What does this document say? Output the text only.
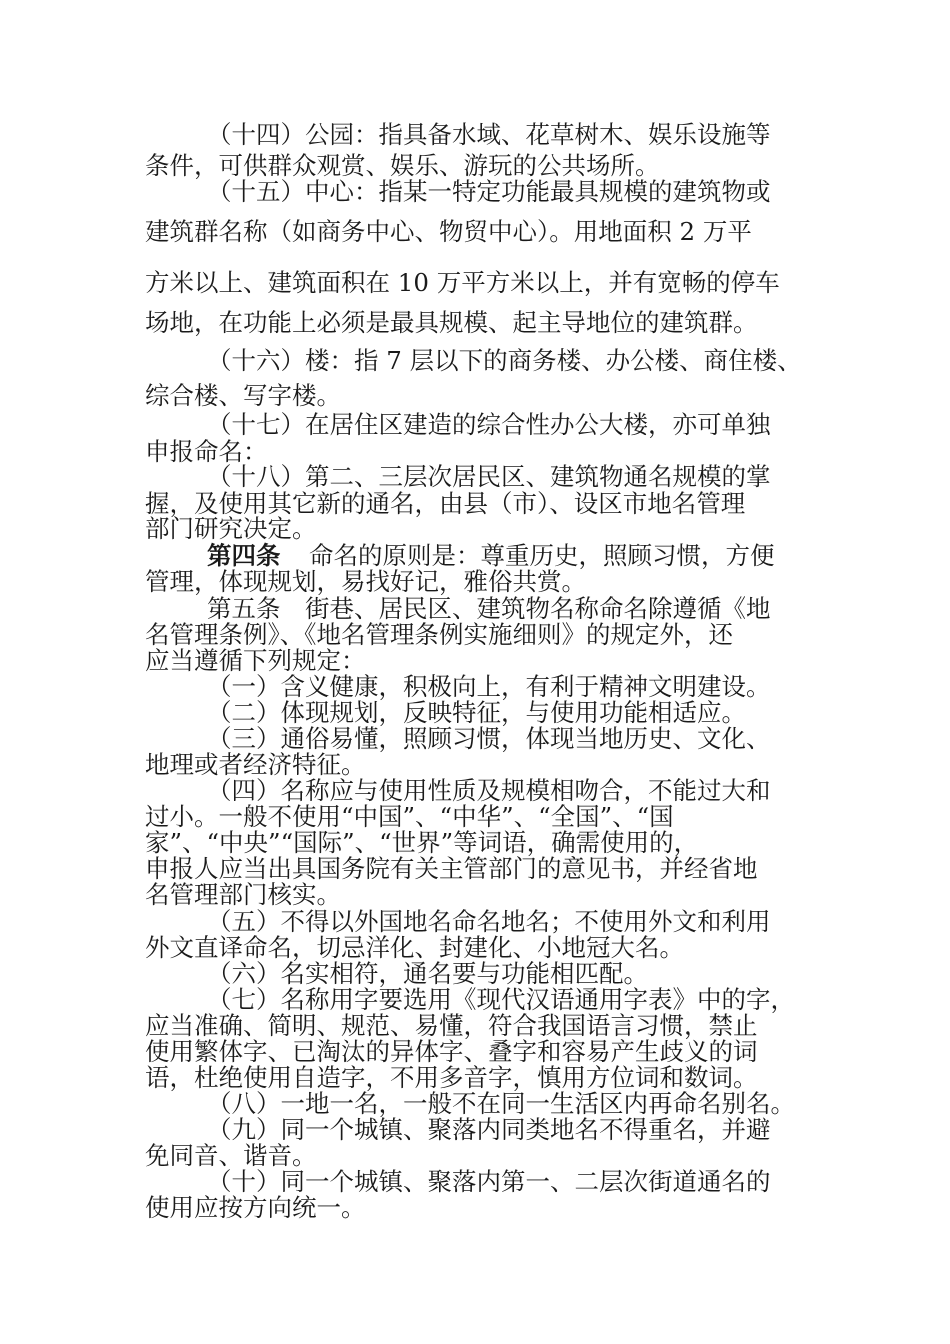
（十四）公园：指具备水域、花草树木、娱乐设施等
条件，可供群众观赏、娱乐、游玩的公共场所。
（十五）中心：指某一特定功能最具规模的建筑物或
建筑群名称（如商务中心、物贸中心）。用地面积 2 万平
方米以上、建筑面积在 10 万平方米以上，并有宽畅的停车
场地，在功能上必须是最具规模、起主导地位的建筑群。
（十六）楼：指 7 层以下的商务楼、办公楼、商住楼、
综合楼、写字楼。
（十七）在居住区建造的综合性办公大楼，亦可单独
申报命名：
（十八）第二、三层次居民区、建筑物通名规模的掌
握，及使用其它新的通名，由县（市）、设区市地名管理
部门研究决定。
第四条 命名的原则是：尊重历史，照顾习惯，方便
管理，体现规划，易找好记，雅俗共赏。
第五条　街巷、居民区、建筑物名称命名除遵循《地
名管理条例》、《地名管理条例实施细则》的规定外，还
应当遵循下列规定：
（一）含义健康，积极向上，有利于精神文明建设。
（二）体现规划，反映特征，与使用功能相适应。
（三）通俗易懂，照顾习惯，体现当地历史、文化、
地理或者经济特征。
（四）名称应与使用性质及规模相吻合，不能过大和
过小。一般不使用“中国”、“中华”、“全国”、“国
家”、“中央”“国际”、“世界”等词语，确需使用的，
申报人应当出具国务院有关主管部门的意见书，并经省地
名管理部门核实。
（五）不得以外国地名命名地名；不使用外文和利用
外文直译命名，切忌洋化、封建化、小地冠大名。
（六）名实相符，通名要与功能相匹配。
（七）名称用字要选用《现代汉语通用字表》中的字，
应当准确、简明、规范、易懂，符合我国语言习惯，禁止
使用繁体字、已淘汰的异体字、叠字和容易产生歧义的词
语，杜绝使用自造字，不用多音字，慎用方位词和数词。
（八）一地一名，一般不在同一生活区内再命名别名。
（九）同一个城镇、聚落内同类地名不得重名，并避
免同音、谐音。
（十）同一个城镇、聚落内第一、二层次街道通名的
使用应按方向统一。
